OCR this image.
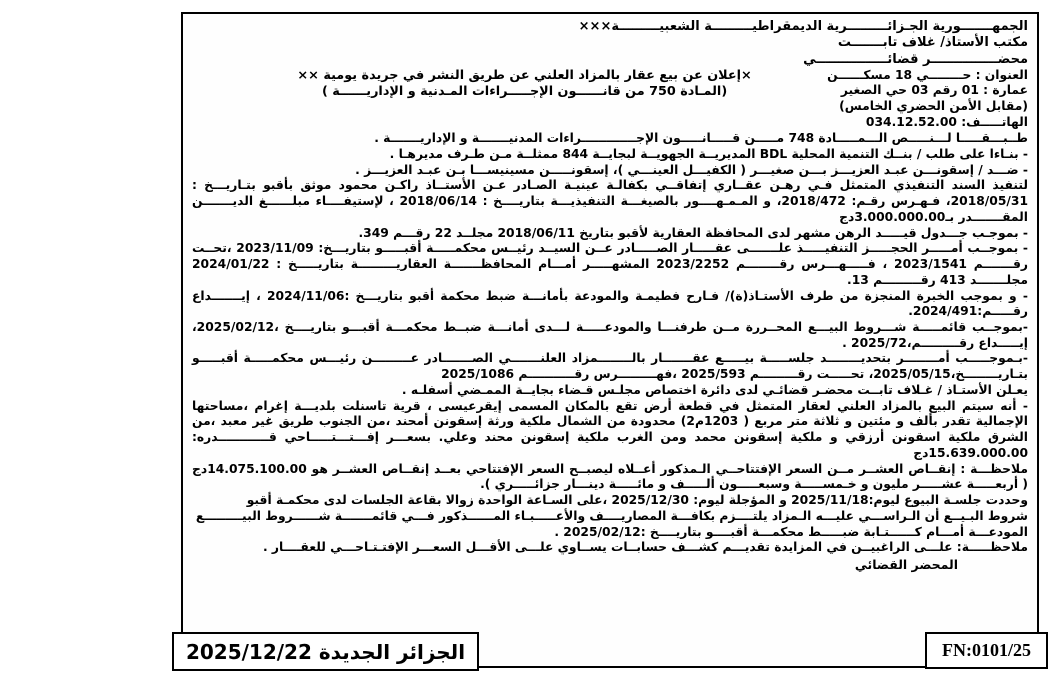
الجمهـــــــورية الجـزائـــــــــرية الديمقراطيـــــــــة الشعبيـــــــــة×××
مكتب الأستاذ/ غلاف تابـــــــت
محضـــــــــــــــر قضائــــــــــــــــي
العنوان : حــــــــي 18 مسكــــــن
عمارة : 01 رقم 03 حي الصغير
(مقابل الأمن الحضري الخامس)
الهاتـــــف: 034.12.52.00
×إعلان عن بيع عقار بالمزاد العلني عن طريق النشر في جريدة يومية ××
(المـادة 750 من قانــــــون الإجـــــراءات المـدنية و الإداريــــــة )

طــبـــقـــــا لـــنـــــص الـــمـــــادة 748 مـــــن قـــــانـــــون الإجـــــــــــــراءات المدنيـــــــة و الإداريـــــــة .

- بنـاءا على طلب / بنــك التنمية المحلية BDL المديريــة الجهويــة لبجايــة 844 ممثلــة مـن طـرف مديرهـا .

- ضـــد / إسقونـــن عبـد العزيـــز بـــن صغيـــر ( الكفيـــل العينـــي )، إسقونـــــن مسينيســـا بـن عبـد العزيـــز .

لتنفيذ السند التنفيذي المتمثل فـي رهـن عقــاري إتفاقــي بكفالـة عينيـة الصـادر عـن الأستــاذ راكـن محمود موثق بأقبو بتـاريـــخ : 2018/05/31، فـهـرس رقـم: 2018/472، و المـمـهــــور بالصيغـــة التنفيذيـــة بتاريــــخ : 2018/06/14 ، لإستيفــــاء مبلــــــغ الديـــــــن المقـــــــدر بـ3.000.000.00دج

- بموجـب جـــدول قيـــــد الرهن مشهر لدى المحافظة العقارية لأقبو بتاريخ 2018/06/11 مجلــد 22 رقـــم 349.

- بموجــب أمـــــر الحجـــــز التنفيـــــذ علـــــــى عقـــــار الصـــــادر عــن السيــد رئيــس محكمـــــة أقبـــــو بتاريـــخ: 2023/11/09 ،تحــت رقـــــــم 2023/1541 ، فـــــهـــرس رقــــــــم 2023/2252 المشهـــــر أمـــام المحافظـــــــة العقاريـــــــــة بتاريـــــخ : 2024/01/22 مجلـــــــد 413 رقـــــــــم 13.

- و بموجب الخبرة المنجزة من طرف الأستـاذ(ة)/ فـارح فطيمـة والمودعة بأمانـــة ضبط محكمة أقبو بتاريـــخ :2024/11/06 ، إيـــــــداع رقـــــم:2024/491.

-بموجــب قائمـــــة شـــروط البيـــع المحــررة مــن طرفنـــا والمودعـــــة لـــدى أمانـــة ضبــط محكمـــة أقبـــو بتاريــــخ ،2025/02/12، إيـــــداع رقـــــــــم،2025/72 .

-بـموجـــــب أمــــــــر بتحديــــــــد جلســـــة بيـــــع عقـــــــار بالــــــــمزاد العلنـــــــي الصـــــــادر عـــــــــن رئيـــس محكمـــــة أقبـــــو بتـاريــــــــخ،2025/05/15، تحـــــت رقـــــــــم 2025/593 ،فهـــــــــرس رقـــــــــــم 2025/1086

يعـلن الأستـاذ / غـلاف تابــت محضـر قضائـي لدى دائرة اختصاص مجلـس قـضاء بجايــة الممـضي أسفلـه .

- أنه سيتم البيع بالمزاد العلني لعقار المتمثل في قطعة أرض تقع بالمكان المسمى إيقرعيسى ، قرية تاسنلت بلديـــة إغرام ،مساحتها الإجمالية تقدر بألف و مئتين و ثلاثة متر مربع ( 1203م2) محدودة من الشمال ملكية ورثة إسقونن أمحند ،من الجنوب طريق غير معبد ،من الشرق ملكية اسقونن أرزقي و ملكية إسقونن محمد ومن الغرب ملكية إسقونن محند وعلي. بسعـــر إفـــتـــتـــــاحي قــــــــــــدره: 15.639.000.00دج

ملاحظـــة : إنقــاص العشــر مــن السعر الإفتتاحــي الـمذكور أعــلاه ليصبــح السعر الإفتتاحي بعــد إنقــاص العشــر هو 14.075.100.00دج ( أربعـــــة عشـــــر مليون و خـمســـــة وسبعـــــون ألـــــف و مائـــــة دينـــار جزائـــــري ).

وحددت جلسـة البيوع ليوم:2025/11/18 و المؤجلة ليوم: 2025/12/30 ،على السـاعة الواحدة زوالا بقاعة الجلسات لدى محكمـة أقبو

شروط البـيــع أن الـراســـي عليـــه الـمزاد يلتــــزم بكافـــة المصاريــــف والأعـــــبـاء المــــــذكور فـــي قائمـــــــة شــــــروط البيـــــــــع

المودعـــة أمـــام كــــــتـابة ضبـــــط محكمـــة أقبــــو بتاريــــخ :2025/02/12 .

ملاحظـــــة: علـــى الراغبيــن في المزايدة تقديـــم كشـــف حسابــات يســاوي علـــى الأقـــل السعـــر الإفتـتـاحـــي للعقــــار .

المحضر القضائي
الجزائر الجديدة 2025/12/22	FN:0101/25
